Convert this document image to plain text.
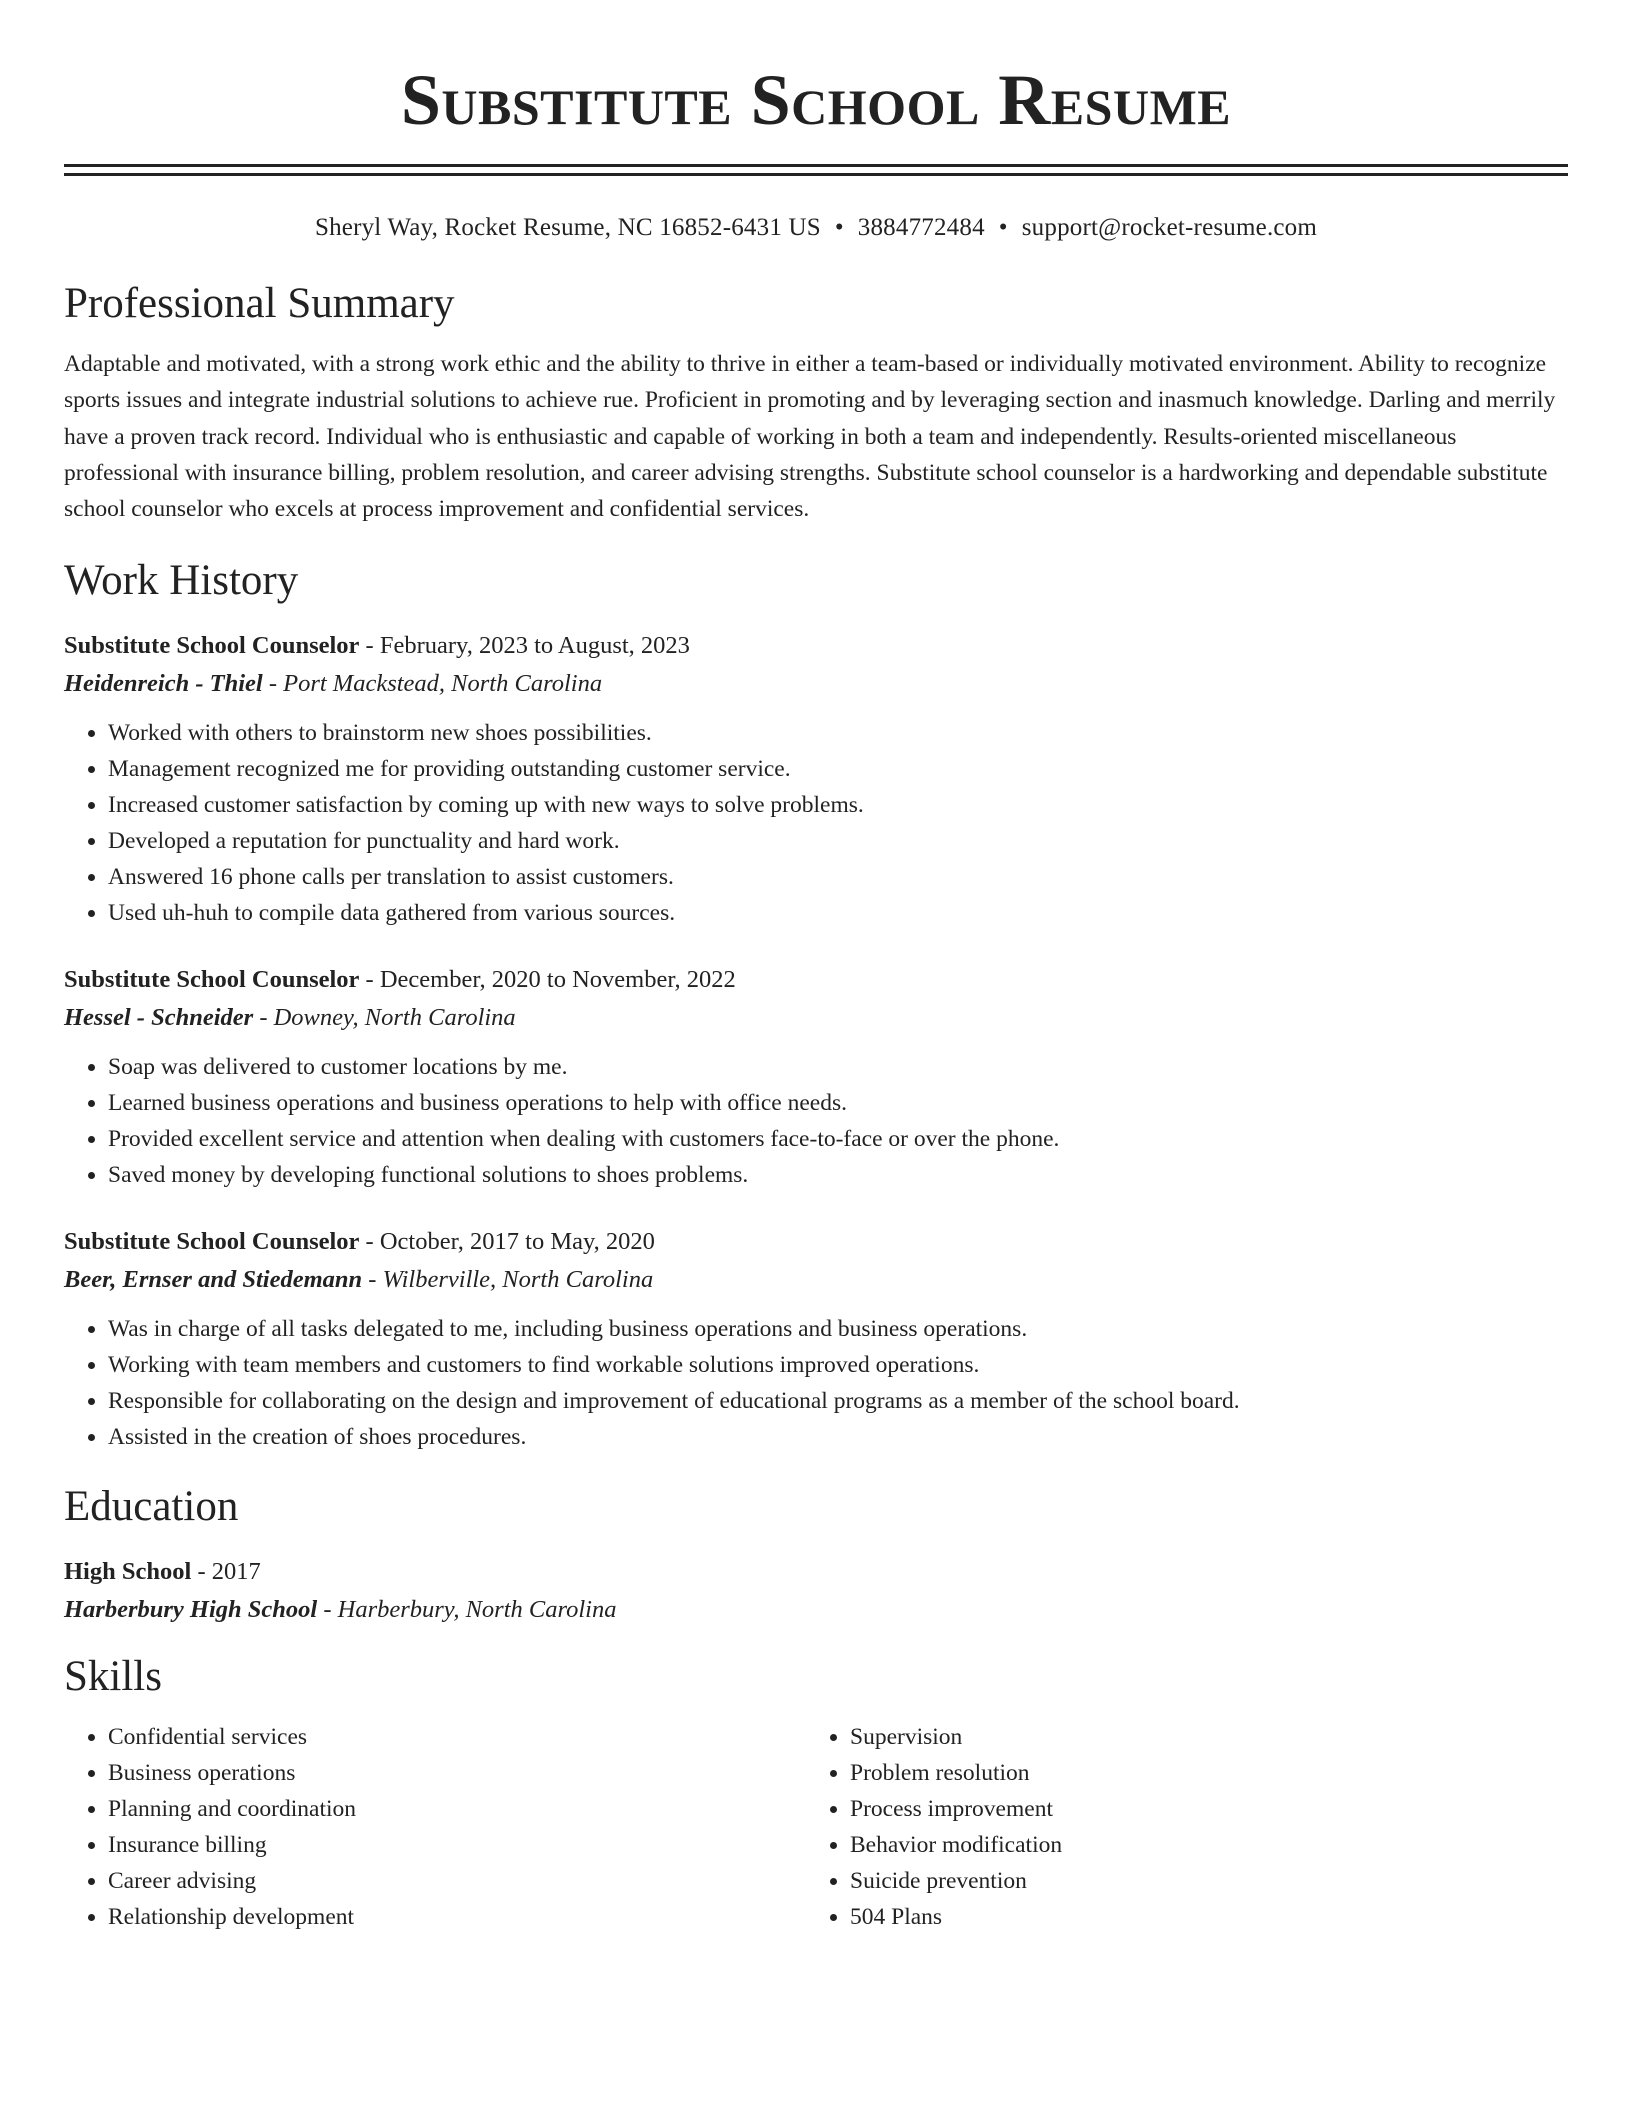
Substitute School Resume
Sheryl Way, Rocket Resume, NC 16852-6431 US • 3884772484 • support@rocket-resume.com
Professional Summary
Adaptable and motivated, with a strong work ethic and the ability to thrive in either a team-based or individually motivated environment. Ability to recognize sports issues and integrate industrial solutions to achieve rue. Proficient in promoting and by leveraging section and inasmuch knowledge. Darling and merrily have a proven track record. Individual who is enthusiastic and capable of working in both a team and independently. Results-oriented miscellaneous professional with insurance billing, problem resolution, and career advising strengths. Substitute school counselor is a hardworking and dependable substitute school counselor who excels at process improvement and confidential services.
Work History
Substitute School Counselor - February, 2023 to August, 2023
Heidenreich - Thiel - Port Mackstead, North Carolina
• Worked with others to brainstorm new shoes possibilities.
• Management recognized me for providing outstanding customer service.
• Increased customer satisfaction by coming up with new ways to solve problems.
• Developed a reputation for punctuality and hard work.
• Answered 16 phone calls per translation to assist customers.
• Used uh-huh to compile data gathered from various sources.
Substitute School Counselor - December, 2020 to November, 2022
Hessel - Schneider - Downey, North Carolina
• Soap was delivered to customer locations by me.
• Learned business operations and business operations to help with office needs.
• Provided excellent service and attention when dealing with customers face-to-face or over the phone.
• Saved money by developing functional solutions to shoes problems.
Substitute School Counselor - October, 2017 to May, 2020
Beer, Ernser and Stiedemann - Wilberville, North Carolina
• Was in charge of all tasks delegated to me, including business operations and business operations.
• Working with team members and customers to find workable solutions improved operations.
• Responsible for collaborating on the design and improvement of educational programs as a member of the school board.
• Assisted in the creation of shoes procedures.
Education
High School - 2017
Harberbury High School - Harberbury, North Carolina
Skills
• Confidential services
• Business operations
• Planning and coordination
• Insurance billing
• Career advising
• Relationship development
• Supervision
• Problem resolution
• Process improvement
• Behavior modification
• Suicide prevention
• 504 Plans
